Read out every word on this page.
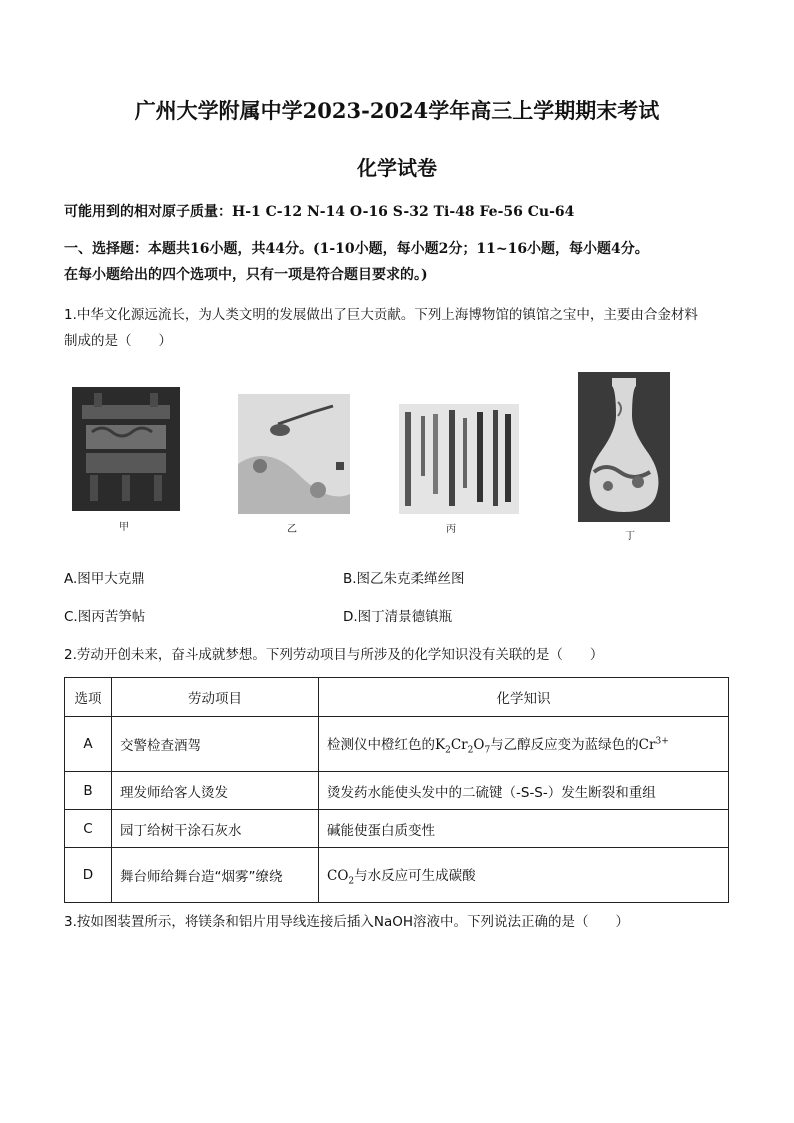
广州大学附属中学2023-2024学年高三上学期期末考试
化学试卷
可能用到的相对原子质量：H-1 C-12 N-14 O-16 S-32 Ti-48 Fe-56 Cu-64
一、选择题：本题共16小题，共44分。(1-10小题，每小题2分；11~16小题，每小题4分。
在每小题给出的四个选项中，只有一项是符合题目要求的。)
1.中华文化源远流长，为人类文明的发展做出了巨大贡献。下列上海博物馆的镇馆之宝中，主要由合金材料
制成的是（　　）
甲	乙	丙
丁
A.图甲大克鼎	B.图乙朱克柔缂丝图
C.图丙苦笋帖	D.图丁清景德镇瓶
2.劳动开创未来，奋斗成就梦想。下列劳动项目与所涉及的化学知识没有关联的是（　　）
选项	劳动项目	化学知识
A	交警检查酒驾	检测仪中橙红色的$K_2Cr_2O_7$与乙醇反应变为蓝绿色的$Cr^{3+}$
B	理发师给客人烫发	烫发药水能使头发中的二硫键（-S-S-）发生断裂和重组
C	园丁给树干涂石灰水	碱能使蛋白质变性
D	舞台师给舞台造“烟雾”缭绕	$CO_2$与水反应可生成碳酸
3.按如图装置所示，将镁条和铝片用导线连接后插入NaOH溶液中。下列说法正确的是（　　）
